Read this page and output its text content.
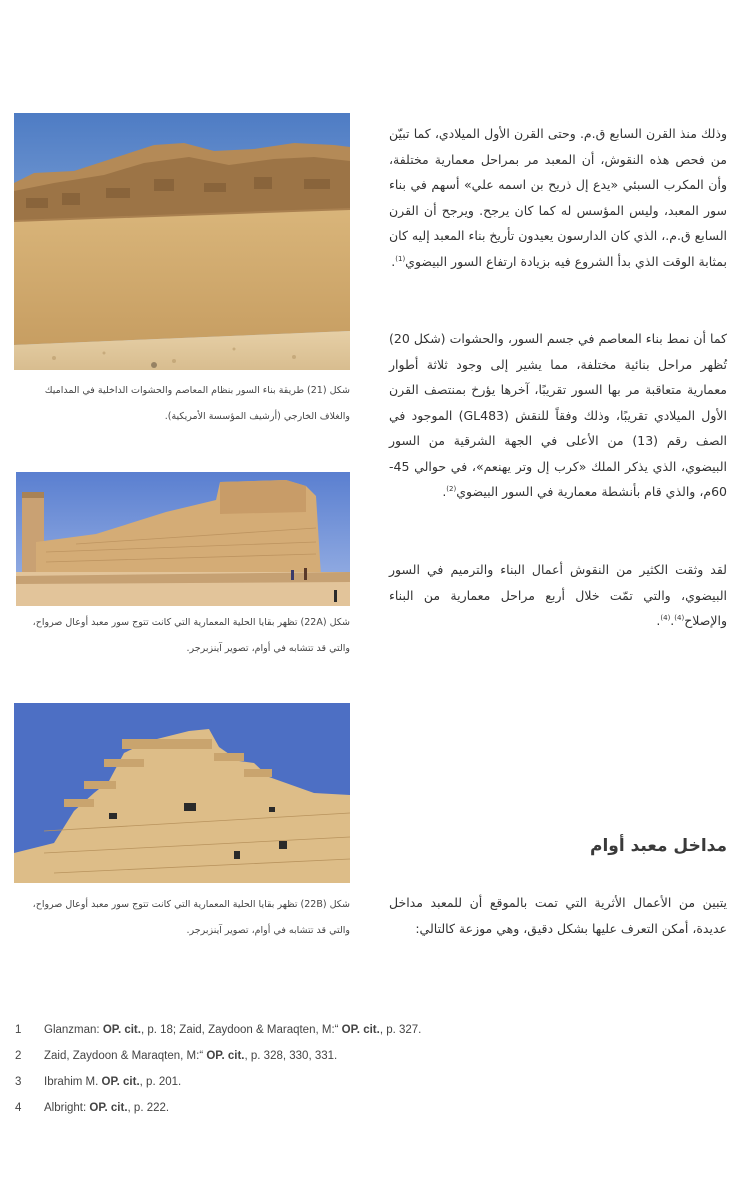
شكل (21) طريقة بناء السور بنظام المعاصم والحشوات الداخلية في المداميك والغلاف الخارجي (أرشيف المؤسسة الأمريكية).
شكل (22A) تظهر بقايا الحلية المعمارية التي كانت تتوج سور معبد أوعال صرواح، والتي قد تتشابه في أوام، تصوير آينزبرجر.
شكل (22B) تظهر بقايا الحلية المعمارية التي كانت تتوج سور معبد أوعال صرواح، والتي قد تتشابه في أوام، تصوير آينزبرجر.
وذلك منذ القرن السابع ق.م. وحتى القرن الأول الميلادي، كما تبيّن من فحص هذه النقوش، أن المعبد مر بمراحل معمارية مختلفة، وأن المكرب السبئي «يدع إل ذريح بن اسمه علي» أسهم في بناء سور المعبد، وليس المؤسس له كما كان يرجح. ويرجح أن القرن السابع ق.م.، الذي كان الدارسون يعيدون تأريخ بناء المعبد إليه كان بمثابة الوقت الذي بدأ الشروع فيه بزيادة ارتفاع السور البيضوي$^{(1)}$.
كما أن نمط بناء المعاصم في جسم السور، والحشوات (شكل 20) تُظهر مراحل بنائية مختلفة، مما يشير إلى وجود ثلاثة أطوار معمارية متعاقبة مر بها السور تقريبًا، آخرها يؤرخ بمنتصف القرن الأول الميلادي تقريبًا، وذلك وفقاً للنقش (GL483) الموجود في الصف رقم (13) من الأعلى في الجهة الشرقية من السور البيضوي، الذي يذكر الملك «كرب إل وتر يهنعم»، في حوالي 45-60م، والذي قام بأنشطة معمارية في السور البيضوي$^{(2)}$.
لقد وثقت الكثير من النقوش أعمال البناء والترميم في السور البيضوي، والتي تمّت خلال أربع مراحل معمارية من البناء والإصلاح$^{(4)}$.$^{(4)}$.
مداخل معبد أوام
يتبين من الأعمال الأثرية التي تمت بالموقع أن للمعبد مداخل عديدة، أمكن التعرف عليها بشكل دقيق، وهي موزعة كالتالي:
1 Glanzman: OP. cit., p. 18; Zaid, Zaydoon & Maraqten, M:“ OP. cit., p. 327.
2 Zaid, Zaydoon & Maraqten, M:“ OP. cit., p. 328, 330, 331.
3 Ibrahim M. OP. cit., p. 201.
4 Albright: OP. cit., p. 222.
